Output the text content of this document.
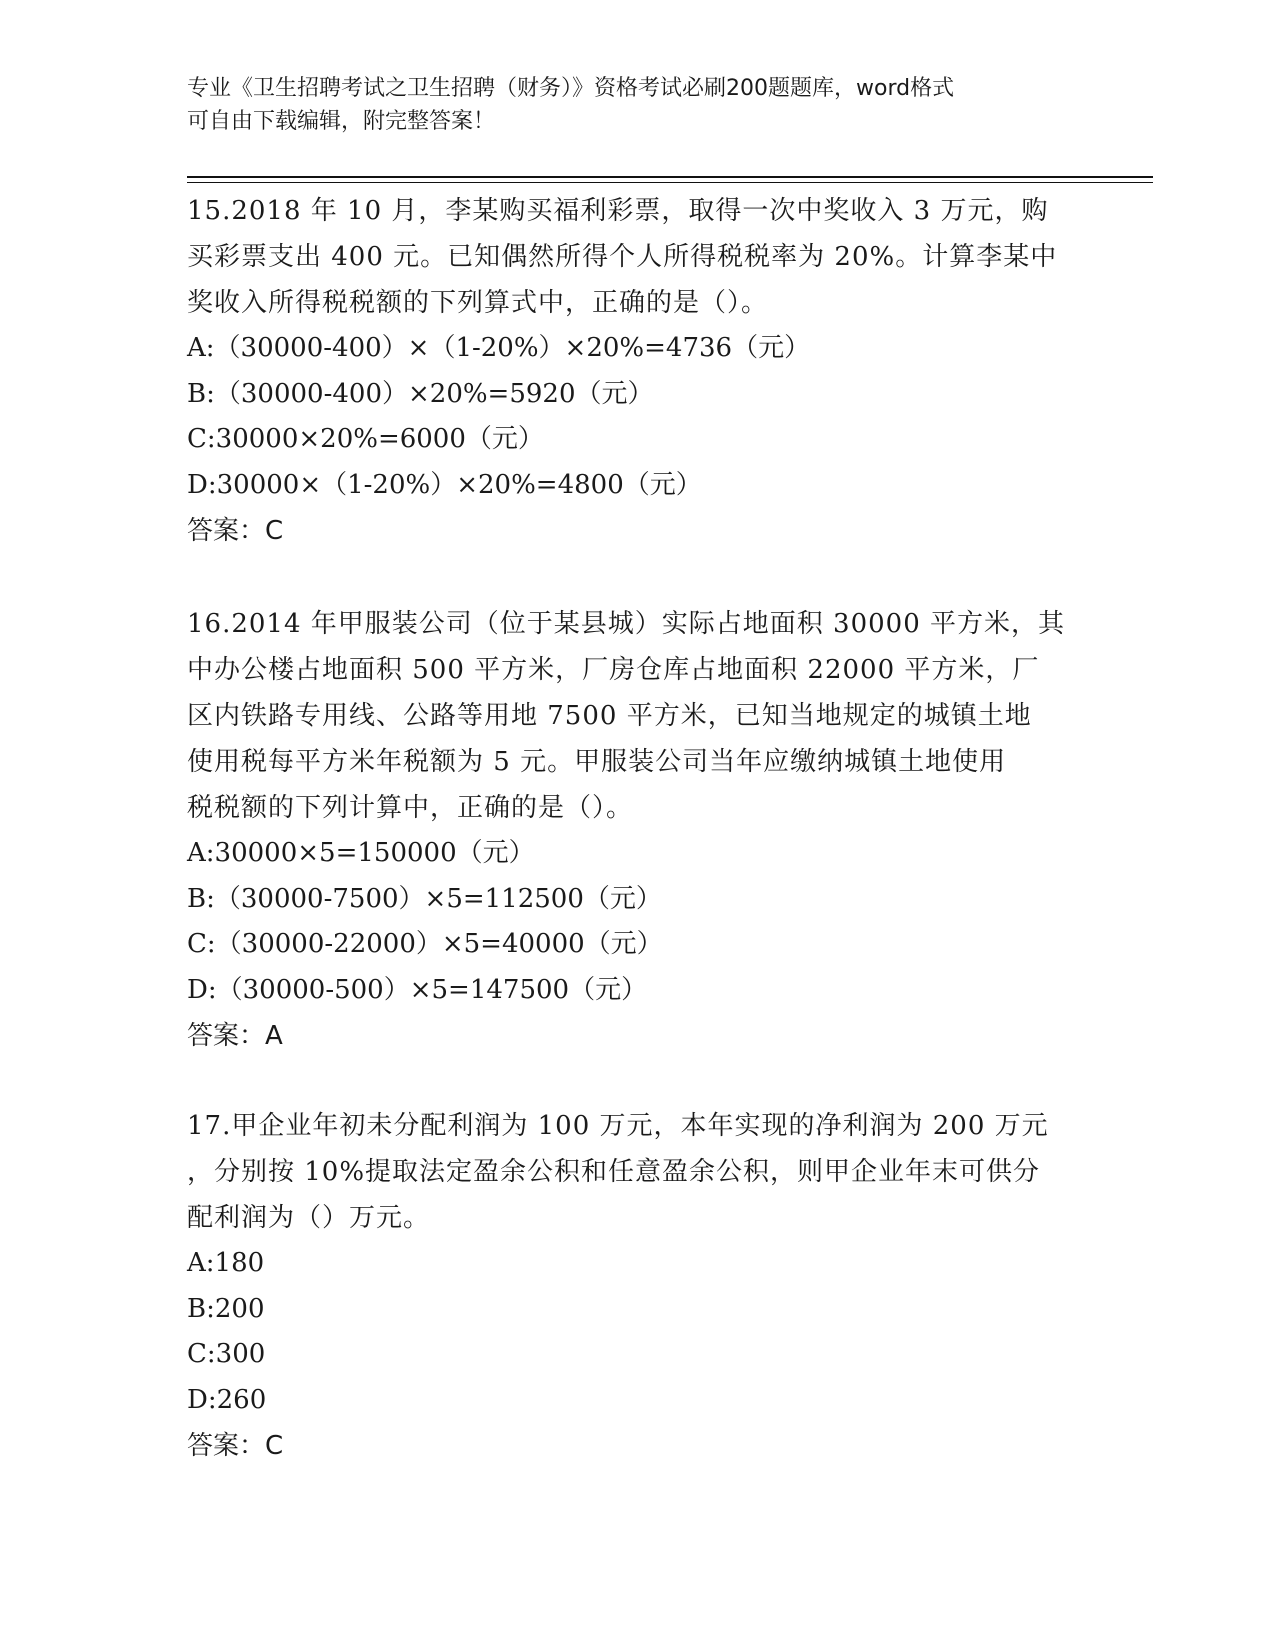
专业《卫生招聘考试之卫生招聘（财务）》资格考试必刷200题题库，word格式
可自由下载编辑，附完整答案！

15.2018 年 10 月，李某购买福利彩票，取得一次中奖收入 3 万元，购

买彩票支出 400 元。已知偶然所得个人所得税税率为 20%。计算李某中

奖收入所得税税额的下列算式中，正确的是（）。

A:（30000-400）×（1-20%）×20%=4736（元）

B:（30000-400）×20%=5920（元）

C:30000×20%=6000（元）

D:30000×（1-20%）×20%=4800（元）

答案：C

16.2014 年甲服装公司（位于某县城）实际占地面积 30000 平方米，其

中办公楼占地面积 500 平方米，厂房仓库占地面积 22000 平方米，厂

区内铁路专用线、公路等用地 7500 平方米，已知当地规定的城镇土地

使用税每平方米年税额为 5 元。甲服装公司当年应缴纳城镇土地使用

税税额的下列计算中，正确的是（）。

A:30000×5=150000（元）

B:（30000-7500）×5=112500（元）

C:（30000-22000）×5=40000（元）

D:（30000-500）×5=147500（元）

答案：A

17.甲企业年初未分配利润为 100 万元，本年实现的净利润为 200 万元

，分别按 10%提取法定盈余公积和任意盈余公积，则甲企业年末可供分

配利润为（）万元。

A:180

B:200

C:300

D:260

答案：C
